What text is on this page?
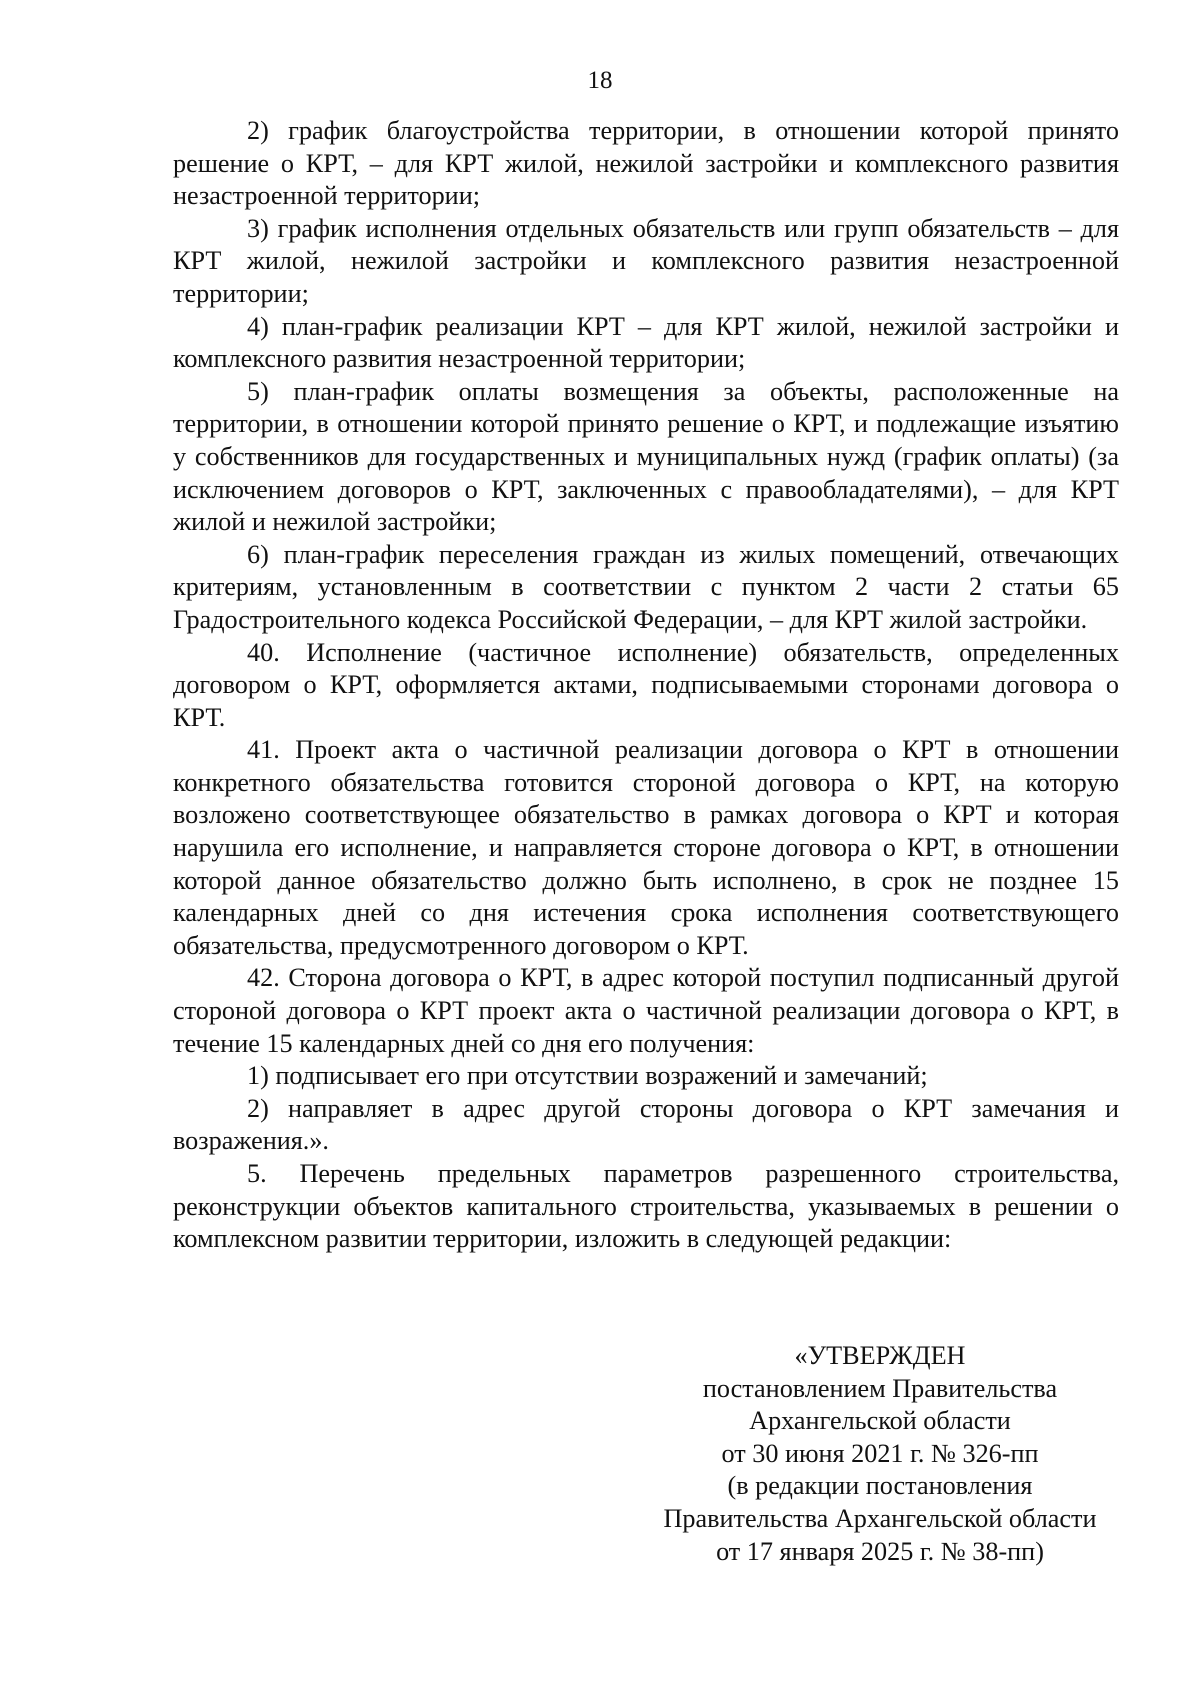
18

2) график благоустройства территории, в отношении которой принято решение о КРТ, – для КРТ жилой, нежилой застройки и комплексного развития незастроенной территории;

3) график исполнения отдельных обязательств или групп обязательств – для КРТ жилой, нежилой застройки и комплексного развития незастроенной территории;

4) план-график реализации КРТ – для КРТ жилой, нежилой застройки и комплексного развития незастроенной территории;

5) план-график оплаты возмещения за объекты, расположенные на территории, в отношении которой принято решение о КРТ, и подлежащие изъятию у собственников для государственных и муниципальных нужд (график оплаты) (за исключением договоров о КРТ, заключенных с правообладателями), – для КРТ жилой и нежилой застройки;

6) план-график переселения граждан из жилых помещений, отвечающих критериям, установленным в соответствии с пунктом 2 части 2 статьи 65 Градостроительного кодекса Российской Федерации, – для КРТ жилой застройки.

40. Исполнение (частичное исполнение) обязательств, определенных договором о КРТ, оформляется актами, подписываемыми сторонами договора о КРТ.

41. Проект акта о частичной реализации договора о КРТ в отношении конкретного обязательства готовится стороной договора о КРТ, на которую возложено соответствующее обязательство в рамках договора о КРТ и которая нарушила его исполнение, и направляется стороне договора о КРТ, в отношении которой данное обязательство должно быть исполнено, в срок не позднее 15 календарных дней со дня истечения срока исполнения соответствующего обязательства, предусмотренного договором о КРТ.

42. Сторона договора о КРТ, в адрес которой поступил подписанный другой стороной договора о КРТ проект акта о частичной реализации договора о КРТ, в течение 15 календарных дней со дня его получения:

1) подписывает его при отсутствии возражений и замечаний;

2) направляет в адрес другой стороны договора о КРТ замечания и возражения.».

5. Перечень предельных параметров разрешенного строительства, реконструкции объектов капитального строительства, указываемых в решении о комплексном развитии территории, изложить в следующей редакции:

«УТВЕРЖДЕН

постановлением Правительства

Архангельской области

от 30 июня 2021 г. № 326-пп

(в редакции постановления

Правительства Архангельской области

от 17 января 2025 г. № 38-пп)
